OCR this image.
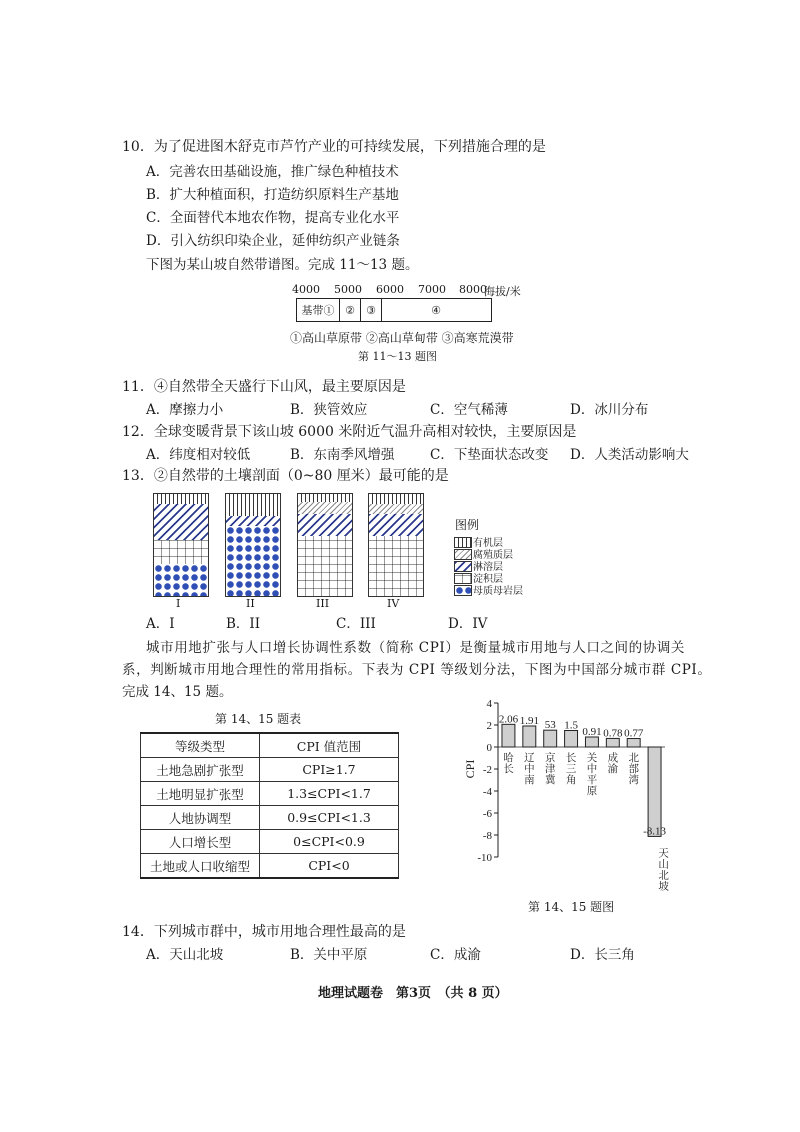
10．为了促进图木舒克市芦竹产业的可持续发展，下列措施合理的是
A．完善农田基础设施，推广绿色种植技术
B．扩大种植面积，打造纺织原料生产基地
C．全面替代本地农作物，提高专业化水平
D．引入纺织印染企业，延伸纺织产业链条
下图为某山坡自然带谱图。完成 11～13 题。
4000 5000 6000 7000 8000
海拔/米
基带① ②	③	④
①高山草原带 ②高山草甸带 ③高寒荒漠带
第 11～13 题图
11．④自然带全天盛行下山风，最主要原因是
A．摩擦力小	B．狭管效应	C．空气稀薄	D．冰川分布
12．全球变暖背景下该山坡 6000 米附近气温升高相对较快，主要原因是
A．纬度相对较低	B．东南季风增强	C．下垫面状态改变 D．人类活动影响大
13．②自然带的土壤剖面（0~80 厘米）最可能的是
I	II	III	IV
图例
有机层
腐殖质层
淋溶层
淀积层
母质母岩层
A．I	B．II	C．III	D．IV
城市用地扩张与人口增长协调性系数（简称 CPI）是衡量城市用地与人口之间的协调关
系，判断城市用地合理性的常用指标。下表为 CPI 等级划分法，下图为中国部分城市群 CPI。
完成 14、15 题。
第 14、15 题表
等级类型	CPI 值范围
土地急剧扩张型	CPI≥1.7
土地明显扩张型	1.3≤CPI<1.7
人地协调型	0.9≤CPI<1.3
人口增长型	0≤CPI<0.9
土地或人口收缩型	CPI<0
4
2
0
-2
-4
-6
-8
-10
CPI
2.06
哈长
1.91
辽中南
53
京津冀
1.5
长三角
0.91
关中平原
0.78
成渝
0.77
北部湾
-8.13
天山北坡
第 14、15 题图
14．下列城市群中，城市用地合理性最高的是
A．天山北坡	B．关中平原	C．成渝	D．长三角
地理试题卷　第3页　（共 8 页）
